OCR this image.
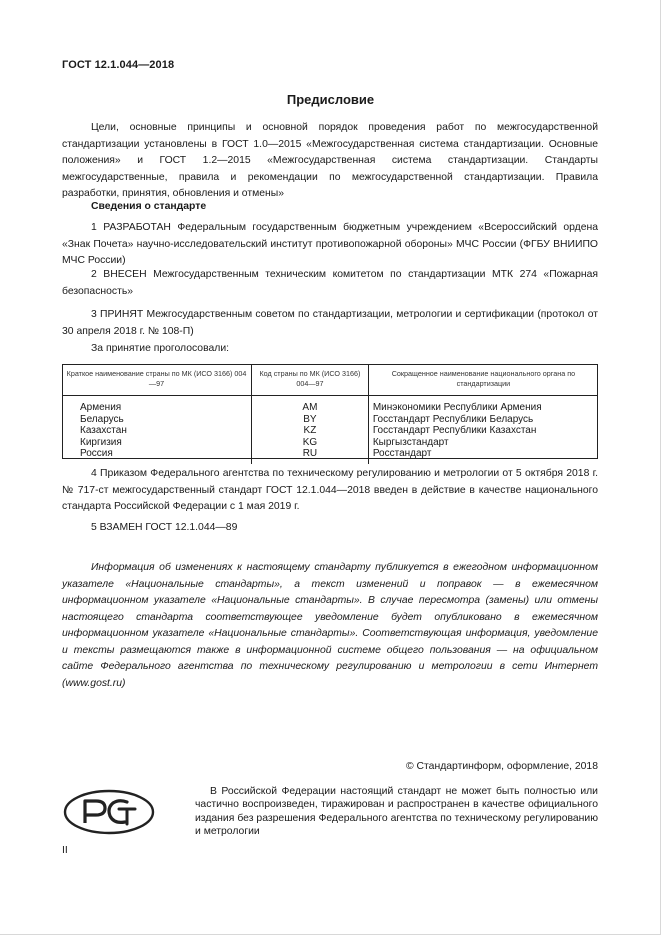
ГОСТ 12.1.044—2018
Предисловие

Цели, основные принципы и основной порядок проведения работ по межгосударственной стандартизации установлены в ГОСТ 1.0—2015 «Межгосударственная система стандартизации. Основные положения» и ГОСТ 1.2—2015 «Межгосударственная система стандартизации. Стандарты межгосударственные, правила и рекомендации по межгосударственной стандартизации. Правила разработки, принятия, обновления и отмены»

Сведения о стандарте

1 РАЗРАБОТАН Федеральным государственным бюджетным учреждением «Всероссийский ордена «Знак Почета» научно-исследовательский институт противопожарной обороны» МЧС России (ФГБУ ВНИИПО МЧС России)

2 ВНЕСЕН Межгосударственным техническим комитетом по стандартизации МТК 274 «Пожарная безопасность»

3 ПРИНЯТ Межгосударственным советом по стандартизации, метрологии и сертификации (протокол от 30 апреля 2018 г. № 108-П)

За принятие проголосовали:

Краткое наименование страны по МК (ИСО 3166) 004—97	Код страны по МК (ИСО 3166) 004—97	Сокращенное наименование национального органа по стандартизации
Армения	AM	Минэкономики Республики Армения
Беларусь	BY	Госстандарт Республики Беларусь
Казахстан	KZ	Госстандарт Республики Казахстан
Киргизия	KG	Кыргызстандарт
Россия	RU	Росстандарт

4 Приказом Федерального агентства по техническому регулированию и метрологии от 5 октября 2018 г. № 717-ст межгосударственный стандарт ГОСТ 12.1.044—2018 введен в действие в качестве национального стандарта Российской Федерации с 1 мая 2019 г.

5 ВЗАМЕН ГОСТ 12.1.044—89

Информация об изменениях к настоящему стандарту публикуется в ежегодном информационном указателе «Национальные стандарты», а текст изменений и поправок — в ежемесячном информационном указателе «Национальные стандарты». В случае пересмотра (замены) или отмены настоящего стандарта соответствующее уведомление будет опубликовано в ежемесячном информационном указателе «Национальные стандарты». Соответствующая информация, уведомление и тексты размещаются также в информационной системе общего пользования — на официальном сайте Федерального агентства по техническому регулированию и метрологии в сети Интернет (www.gost.ru)

© Стандартинформ, оформление, 2018

В Российской Федерации настоящий стандарт не может быть полностью или частично воспроизведен, тиражирован и распространен в качестве официального издания без разрешения Федерального агентства по техническому регулированию и метрологии

II
